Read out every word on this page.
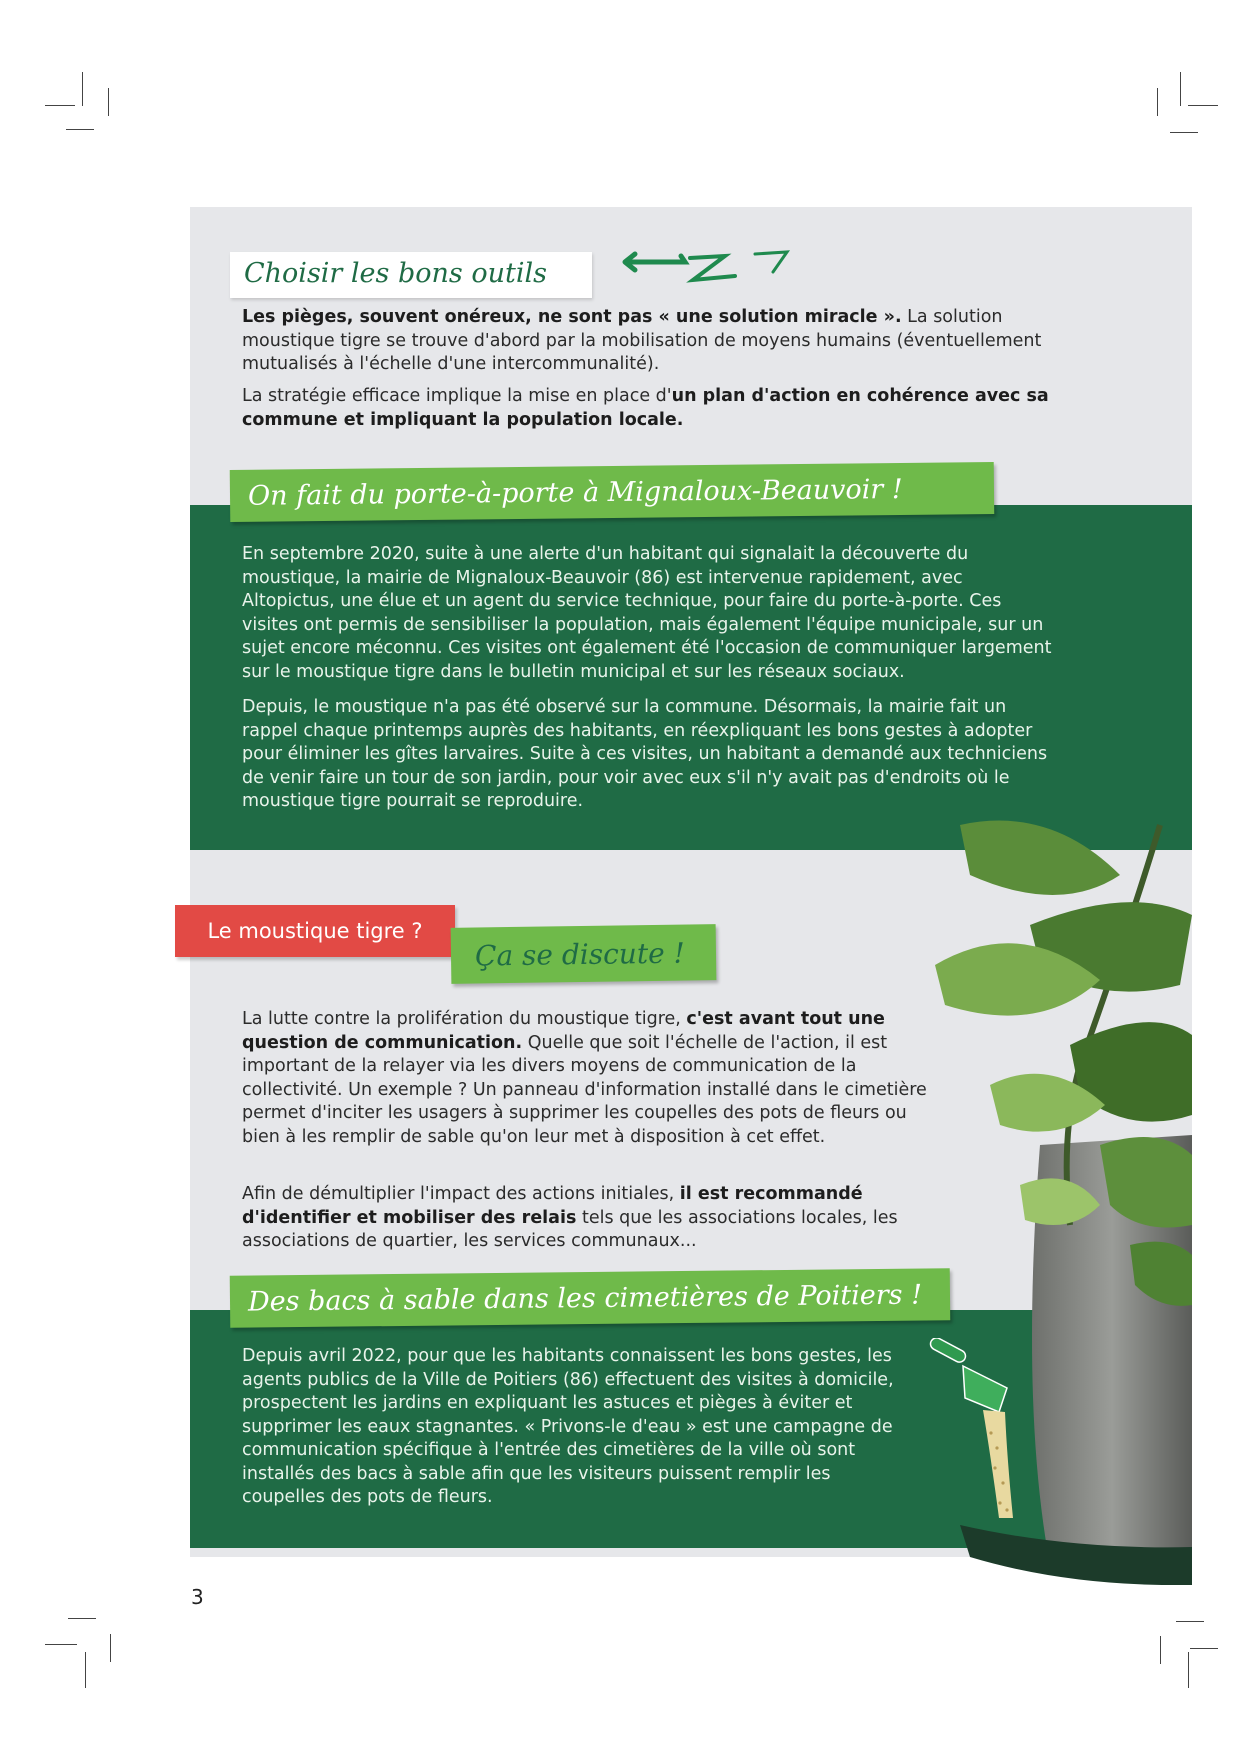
Choisir les bons outils

Les pièges, souvent onéreux, ne sont pas « une solution miracle ». La solution moustique tigre se trouve d'abord par la mobilisation de moyens humains (éventuellement mutualisés à l'échelle d'une intercommunalité).

La stratégie efficace implique la mise en place d'un plan d'action en cohérence avec sa commune et impliquant la population locale.

On fait du porte-à-porte à Mignaloux-Beauvoir !

En septembre 2020, suite à une alerte d'un habitant qui signalait la découverte du moustique, la mairie de Mignaloux-Beauvoir (86) est intervenue rapidement, avec Altopictus, une élue et un agent du service technique, pour faire du porte-à-porte. Ces visites ont permis de sensibiliser la population, mais également l'équipe municipale, sur un sujet encore méconnu. Ces visites ont également été l'occasion de communiquer largement sur le moustique tigre dans le bulletin municipal et sur les réseaux sociaux.

Depuis, le moustique n'a pas été observé sur la commune. Désormais, la mairie fait un rappel chaque printemps auprès des habitants, en réexpliquant les bons gestes à adopter pour éliminer les gîtes larvaires. Suite à ces visites, un habitant a demandé aux techniciens de venir faire un tour de son jardin, pour voir avec eux s'il n'y avait pas d'endroits où le moustique tigre pourrait se reproduire.

Le moustique tigre ?
Ça se discute !

La lutte contre la prolifération du moustique tigre, c'est avant tout une question de communication. Quelle que soit l'échelle de l'action, il est important de la relayer via les divers moyens de communication de la collectivité. Un exemple ? Un panneau d'information installé dans le cimetière permet d'inciter les usagers à supprimer les coupelles des pots de fleurs ou bien à les remplir de sable qu'on leur met à disposition à cet effet.

Afin de démultiplier l'impact des actions initiales, il est recommandé d'identifier et mobiliser des relais tels que les associations locales, les associations de quartier, les services communaux...

Des bacs à sable dans les cimetières de Poitiers !

Depuis avril 2022, pour que les habitants connaissent les bons gestes, les agents publics de la Ville de Poitiers (86) effectuent des visites à domicile, prospectent les jardins en expliquant les astuces et pièges à éviter et supprimer les eaux stagnantes. « Privons-le d'eau » est une campagne de communication spécifique à l'entrée des cimetières de la ville où sont installés des bacs à sable afin que les visiteurs puissent remplir les coupelles des pots de fleurs.

3
